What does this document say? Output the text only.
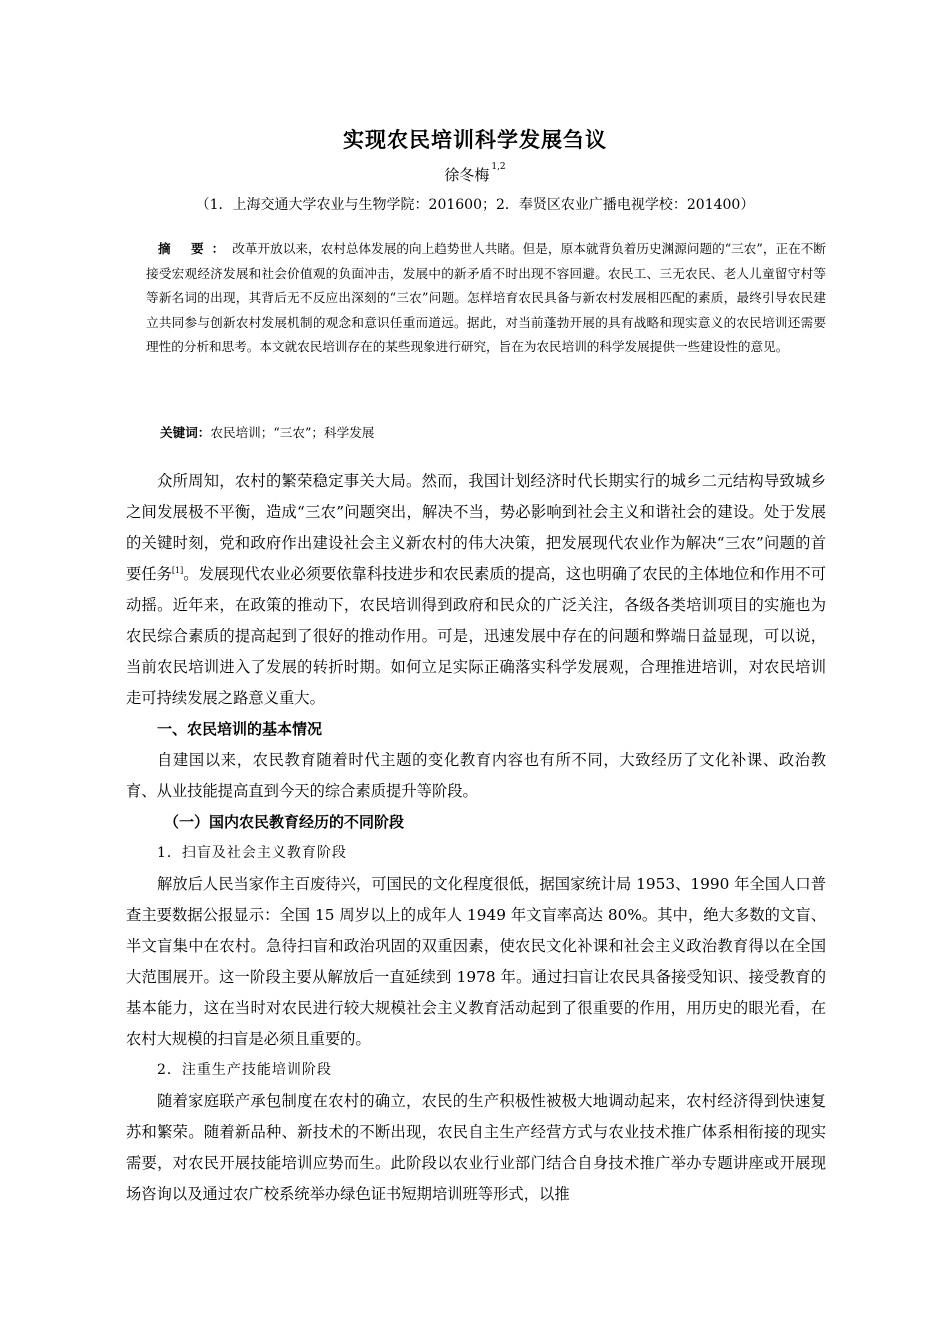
实现农民培训科学发展刍议
徐冬梅 $^{1,2}$
（1．上海交通大学农业与生物学院：201600；2．奉贤区农业广播电视学校：201400）
摘 要：改革开放以来，农村总体发展的向上趋势世人共睹。但是，原本就背负着历史渊源问题的“三农”，正在不断接受宏观经济发展和社会价值观的负面冲击，发展中的新矛盾不时出现不容回避。农民工、三无农民、老人儿童留守村等等新名词的出现，其背后无不反应出深刻的“三农”问题。怎样培育农民具备与新农村发展相匹配的素质，最终引导农民建立共同参与创新农村发展机制的观念和意识任重而道远。据此，对当前蓬勃开展的具有战略和现实意义的农民培训还需要理性的分析和思考。本文就农民培训存在的某些现象进行研究，旨在为农民培训的科学发展提供一些建设性的意见。
关键词：农民培训；“三农”；科学发展

众所周知，农村的繁荣稳定事关大局。然而，我国计划经济时代长期实行的城乡二元结构导致城乡之间发展极不平衡，造成“三农”问题突出，解决不当，势必影响到社会主义和谐社会的建设。处于发展的关键时刻，党和政府作出建设社会主义新农村的伟大决策，把发展现代农业作为解决“三农”问题的首要任务[1]。发展现代农业必须要依靠科技进步和农民素质的提高，这也明确了农民的主体地位和作用不可动摇。近年来，在政策的推动下，农民培训得到政府和民众的广泛关注，各级各类培训项目的实施也为农民综合素质的提高起到了很好的推动作用。可是，迅速发展中存在的问题和弊端日益显现，可以说，当前农民培训进入了发展的转折时期。如何立足实际正确落实科学发展观，合理推进培训，对农民培训走可持续发展之路意义重大。

一、农民培训的基本情况

自建国以来，农民教育随着时代主题的变化教育内容也有所不同，大致经历了文化补课、政治教育、从业技能提高直到今天的综合素质提升等阶段。

（一）国内农民教育经历的不同阶段

1．扫盲及社会主义教育阶段

解放后人民当家作主百废待兴，可国民的文化程度很低，据国家统计局 1953、1990 年全国人口普查主要数据公报显示：全国 15 周岁以上的成年人 1949 年文盲率高达 80%。其中，绝大多数的文盲、半文盲集中在农村。急待扫盲和政治巩固的双重因素，使农民文化补课和社会主义政治教育得以在全国大范围展开。这一阶段主要从解放后一直延续到 1978 年。通过扫盲让农民具备接受知识、接受教育的基本能力，这在当时对农民进行较大规模社会主义教育活动起到了很重要的作用，用历史的眼光看，在农村大规模的扫盲是必须且重要的。

2．注重生产技能培训阶段

随着家庭联产承包制度在农村的确立，农民的生产积极性被极大地调动起来，农村经济得到快速复苏和繁荣。随着新品种、新技术的不断出现，农民自主生产经营方式与农业技术推广体系相衔接的现实需要，对农民开展技能培训应势而生。此阶段以农业行业部门结合自身技术推广举办专题讲座或开展现场咨询以及通过农广校系统举办绿色证书短期培训班等形式，以推
